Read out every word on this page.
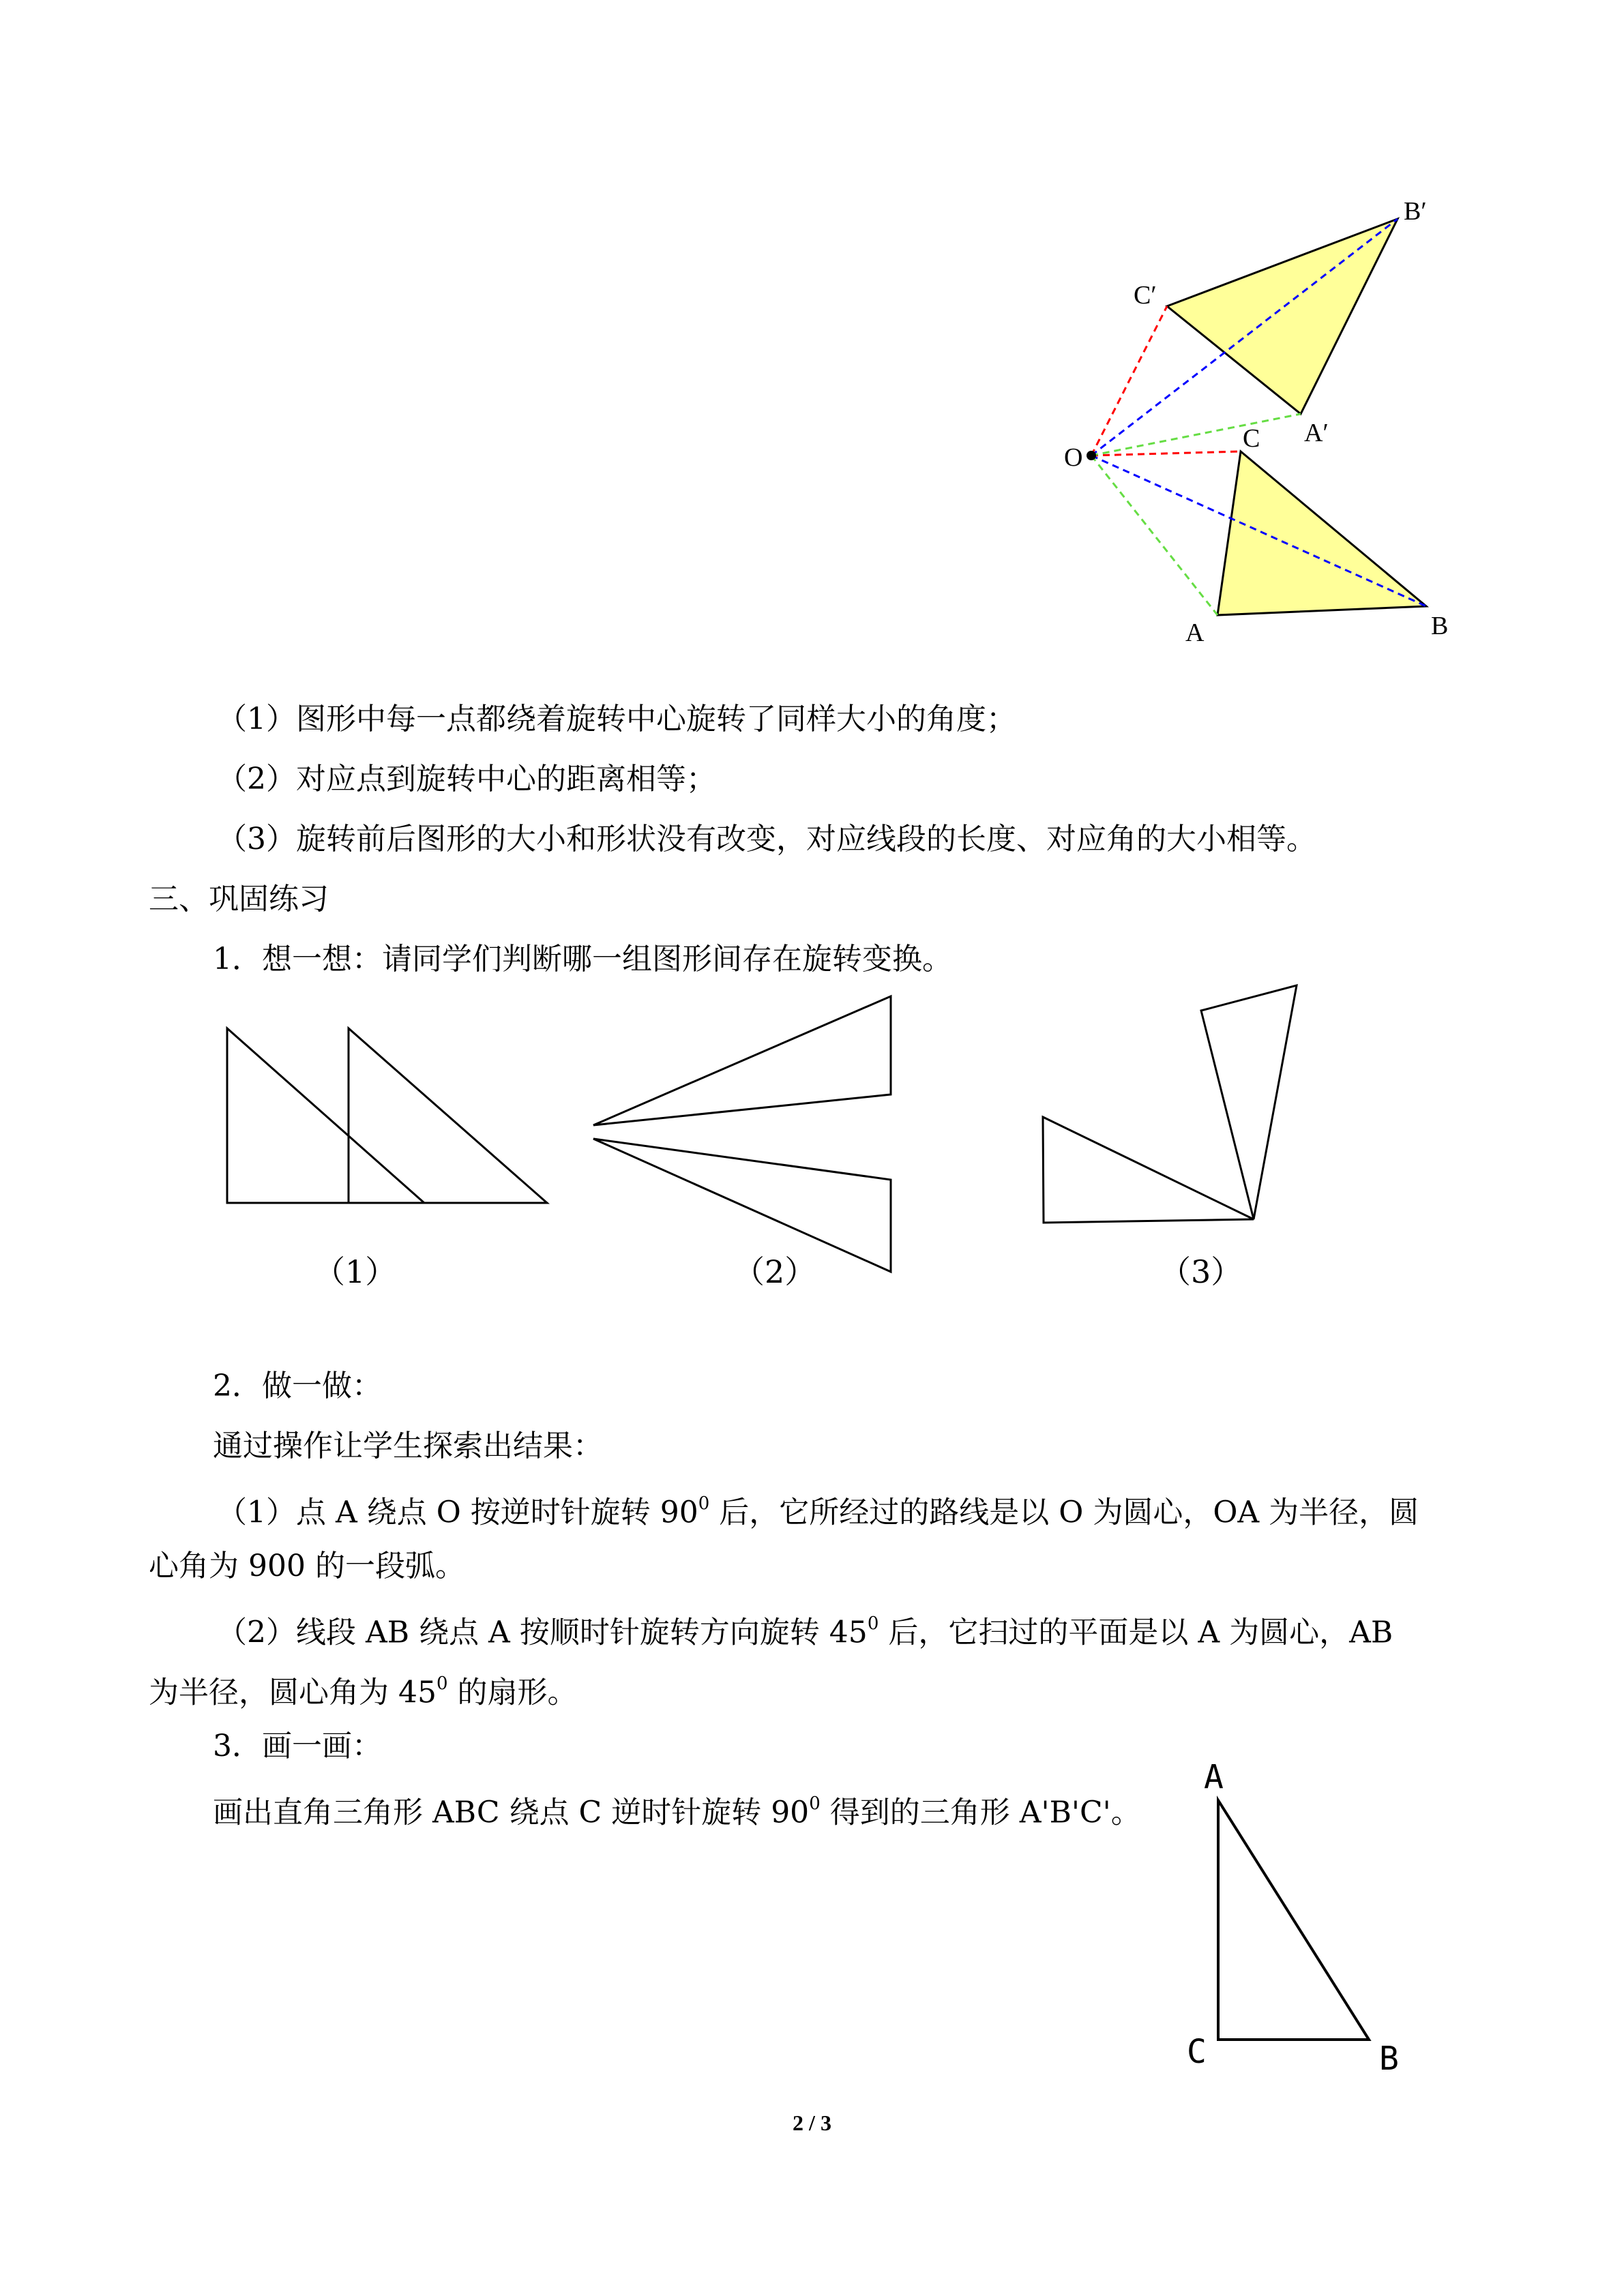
O
A	B
C A′
B′
C′
（1）图形中每一点都绕着旋转中心旋转了同样大小的角度；
（2）对应点到旋转中心的距离相等；
（3）旋转前后图形的大小和形状没有改变，对应线段的长度、对应角的大小相等。
三、巩固练习
1．想一想：请同学们判断哪一组图形间存在旋转变换。
（1）	（2）	（3）
2．做一做：
通过操作让学生探索出结果：
（1）点 A 绕点 O 按逆时针旋转 $90^0$ 后，它所经过的路线是以 O 为圆心，OA 为半径，圆
心角为 900 的一段弧。
（2）线段 AB 绕点 A 按顺时针旋转方向旋转 $45^0$ 后，它扫过的平面是以 A 为圆心，AB
为半径，圆心角为 $45^0$ 的扇形。
3．画一画：
画出直角三角形 ABC 绕点 C 逆时针旋转 $90^0$ 得到的三角形 A'B'C'。
A
C	B
2 / 3
